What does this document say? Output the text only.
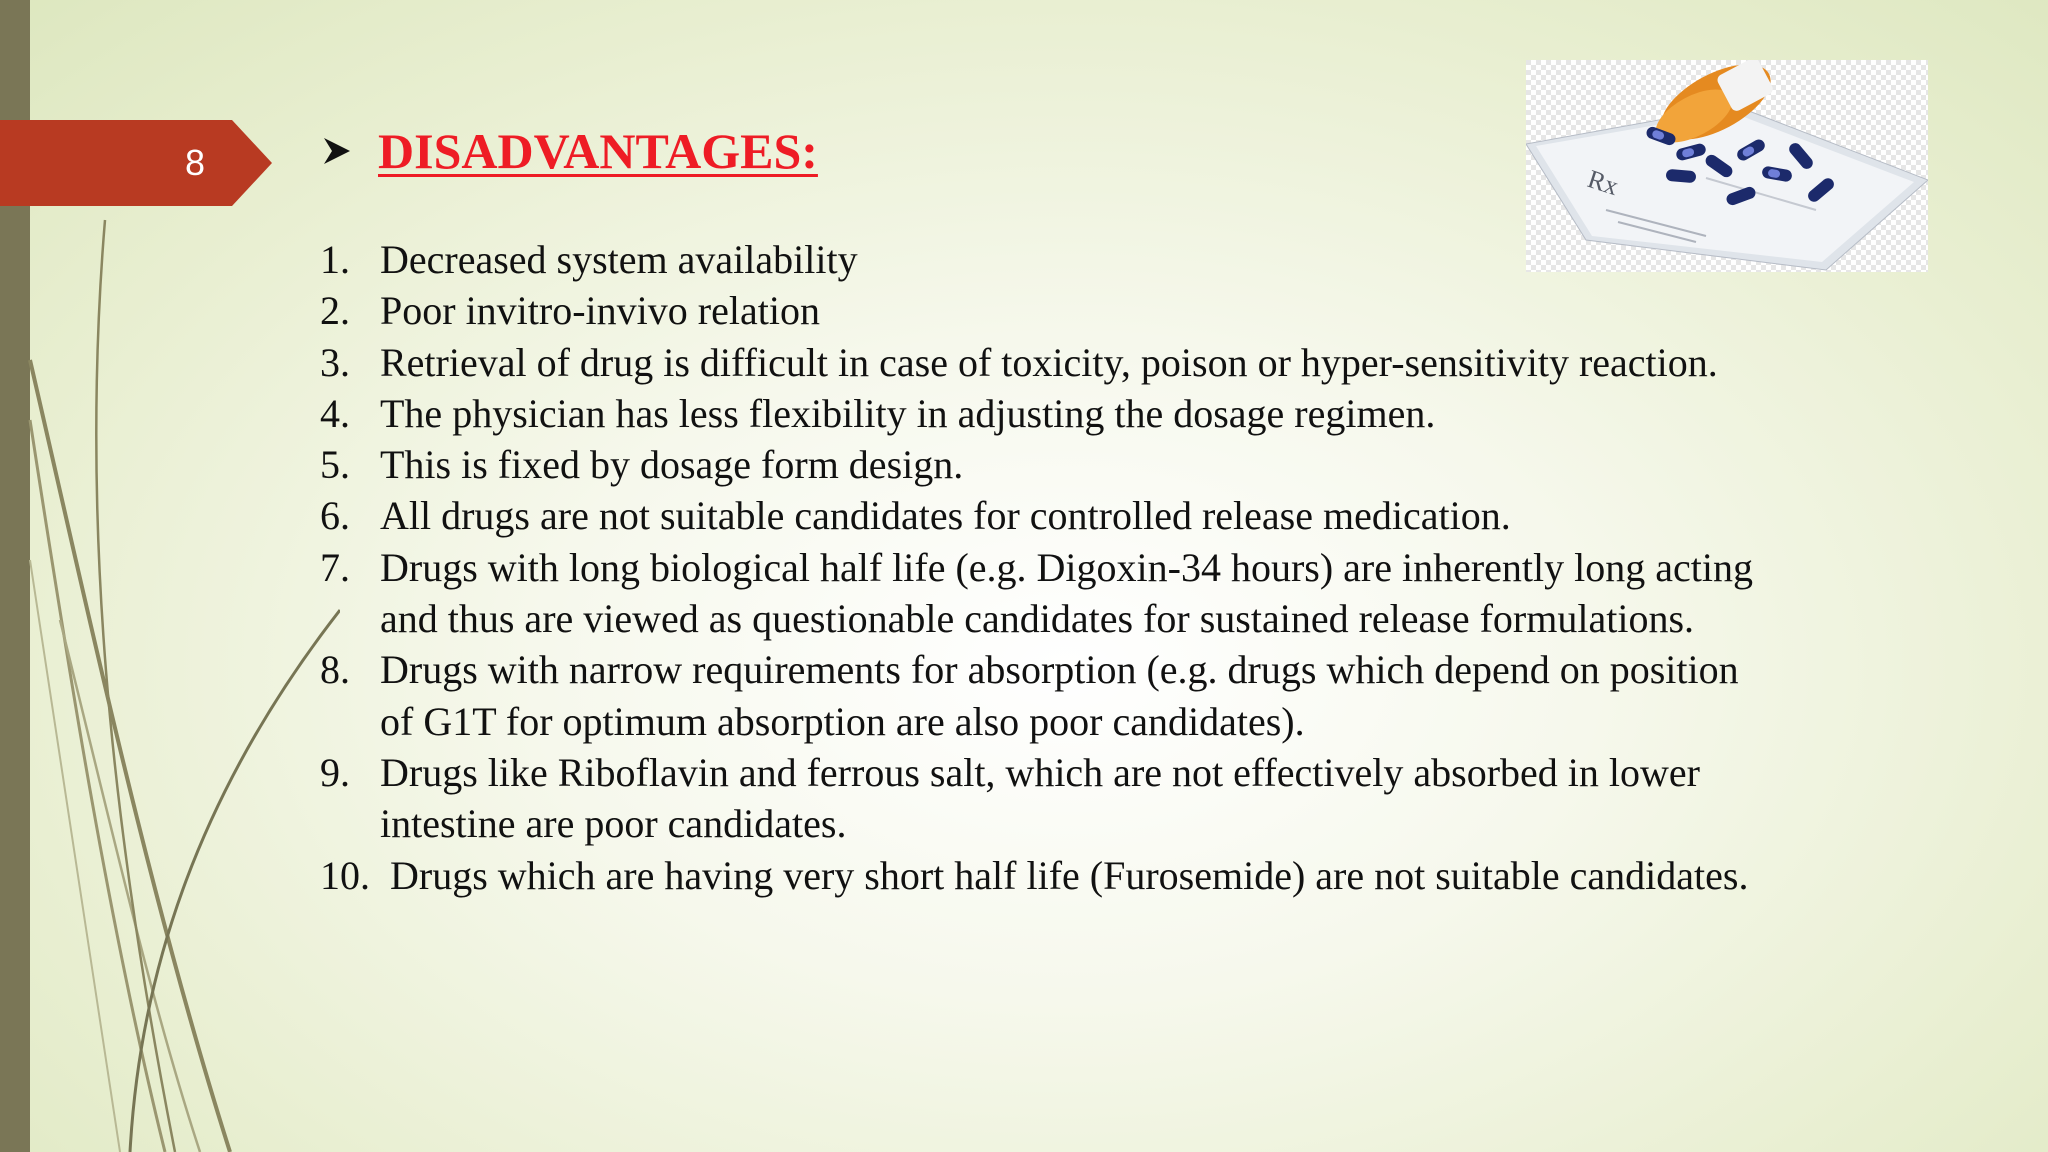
8	DISADVANTAGES:
Rx
1. Decreased system availability
2. Poor invitro-invivo relation
3. Retrieval of drug is difficult in case of toxicity, poison or hyper-sensitivity reaction.
4. The physician has less flexibility in adjusting the dosage regimen.
5. This is fixed by dosage form design.
6. All drugs are not suitable candidates for controlled release medication.
7. Drugs with long biological half life (e.g. Digoxin-34 hours) are inherently long acting and thus are viewed as questionable candidates for sustained release formulations.
8. Drugs with narrow requirements for absorption (e.g. drugs which depend on position of G1T for optimum absorption are also poor candidates).
9. Drugs like Riboflavin and ferrous salt, which are not effectively absorbed in lower intestine are poor candidates.
10. Drugs which are having very short half life (Furosemide) are not suitable candidates.
